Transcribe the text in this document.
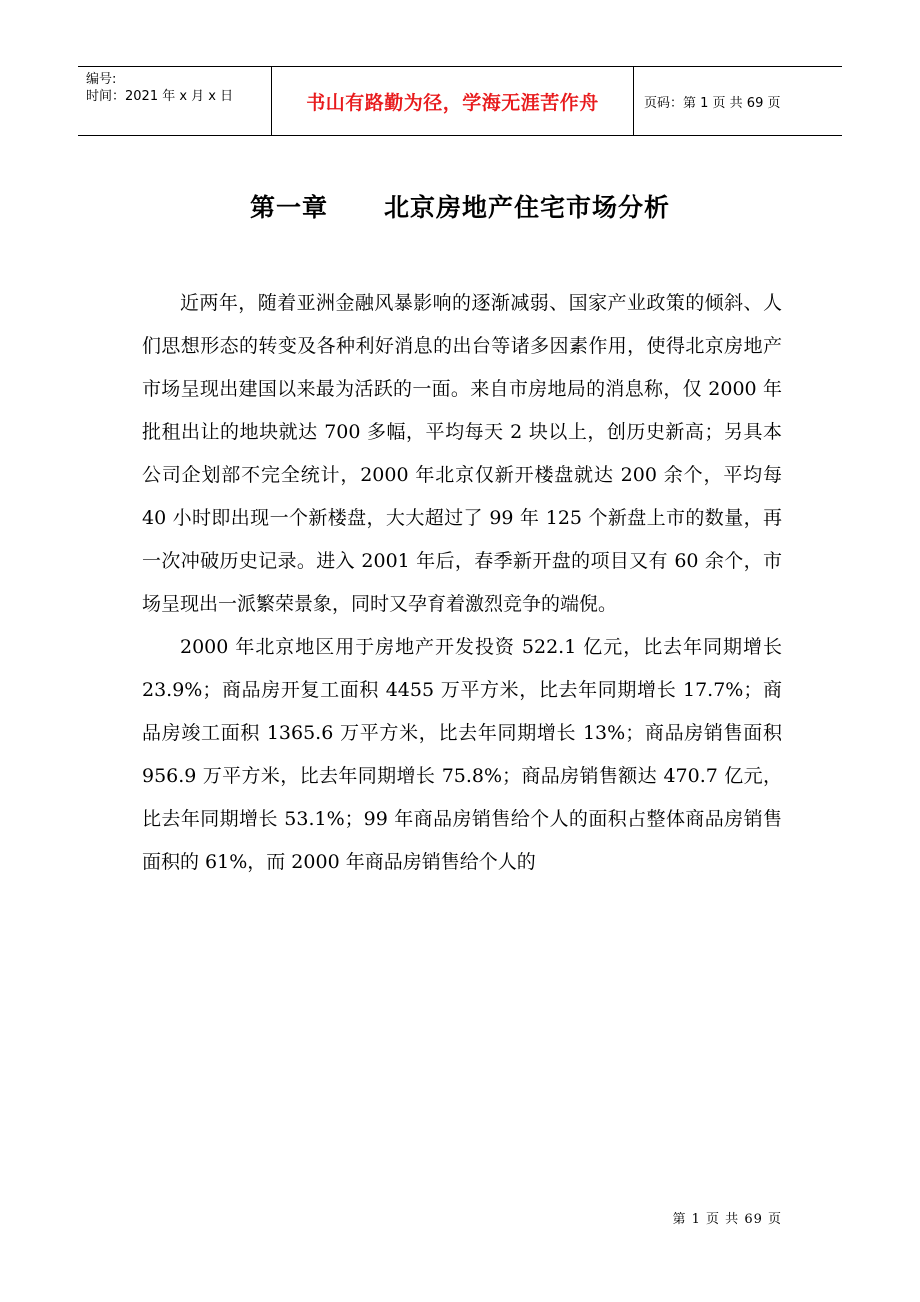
编号:
时间：2021 年 x 月 x 日	书山有路勤为径，学海无涯苦作舟	页码：第 1 页 共 69 页
第一章 北京房地产住宅市场分析

近两年，随着亚洲金融风暴影响的逐渐减弱、国家产业政策的倾斜、人们思想形态的转变及各种利好消息的出台等诸多因素作用，使得北京房地产市场呈现出建国以来最为活跃的一面。来自市房地局的消息称，仅 2000 年批租出让的地块就达 700 多幅，平均每天 2 块以上，创历史新高；另具本公司企划部不完全统计，2000 年北京仅新开楼盘就达 200 余个，平均每 40 小时即出现一个新楼盘，大大超过了 99 年 125 个新盘上市的数量，再一次冲破历史记录。进入 2001 年后，春季新开盘的项目又有 60 余个，市场呈现出一派繁荣景象，同时又孕育着激烈竞争的端倪。

2000 年北京地区用于房地产开发投资 522.1 亿元，比去年同期增长 23.9%；商品房开复工面积 4455 万平方米，比去年同期增长 17.7%；商品房竣工面积 1365.6 万平方米，比去年同期增长 13%；商品房销售面积 956.9 万平方米，比去年同期增长 75.8%；商品房销售额达 470.7 亿元，比去年同期增长 53.1%；99 年商品房销售给个人的面积占整体商品房销售面积的 61%，而 2000 年商品房销售给个人的

第 1 页 共 69 页
